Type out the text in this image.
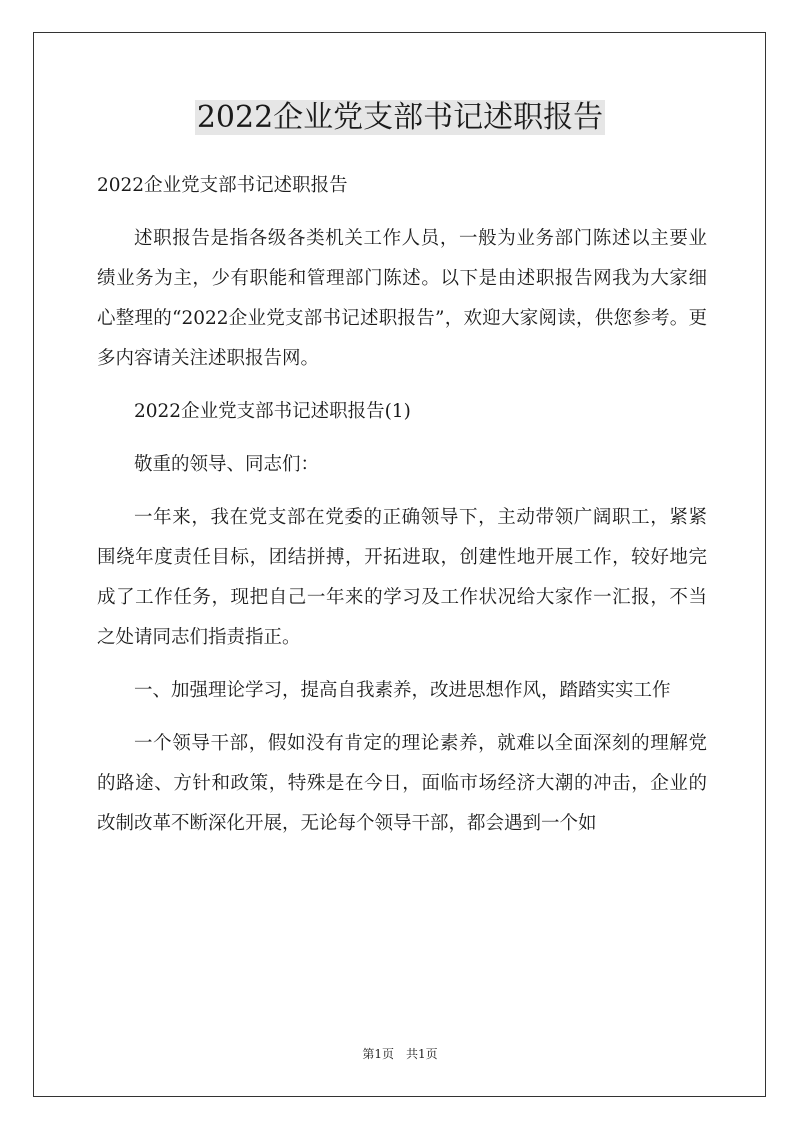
2022企业党支部书记述职报告

2022企业党支部书记述职报告

述职报告是指各级各类机关工作人员，一般为业务部门陈述以主要业绩业务为主，少有职能和管理部门陈述。以下是由述职报告网我为大家细心整理的“2022企业党支部书记述职报告”，欢迎大家阅读，供您参考。更多内容请关注述职报告网。

2022企业党支部书记述职报告(1)

敬重的领导、同志们：

一年来，我在党支部在党委的正确领导下，主动带领广阔职工，紧紧围绕年度责任目标，团结拼搏，开拓进取，创建性地开展工作，较好地完成了工作任务，现把自己一年来的学习及工作状况给大家作一汇报，不当之处请同志们指责指正。

一、加强理论学习，提高自我素养，改进思想作风，踏踏实实工作

一个领导干部，假如没有肯定的理论素养，就难以全面深刻的理解党的路途、方针和政策，特殊是在今日，面临市场经济大潮的冲击，企业的改制改革不断深化开展，无论每个领导干部，都会遇到一个如

第1页　共1页
